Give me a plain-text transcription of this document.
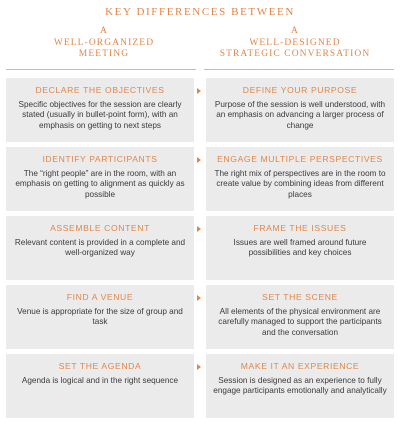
KEY DIFFERENCES BETWEEN
A
WELL-ORGANIZED
MEETING
A
WELL-DESIGNED
STRATEGIC CONVERSATION
DECLARE THE OBJECTIVES
Specific objectives for the session are clearly stated (usually in bullet-point form), with an emphasis on getting to next steps
DEFINE YOUR PURPOSE
Purpose of the session is well understood, with an emphasis on advancing a larger process of change
IDENTIFY PARTICIPANTS
The “right people” are in the room, with an emphasis on getting to alignment as quickly as possible
ENGAGE MULTIPLE PERSPECTIVES
The right mix of perspectives are in the room to create value by combining ideas from different places
ASSEMBLE CONTENT
Relevant content is provided in a complete and well-organized way
FRAME THE ISSUES
Issues are well framed around future possibilities and key choices
FIND A VENUE
Venue is appropriate for the size of group and task
SET THE SCENE
All elements of the physical environment are carefully managed to support the participants and the conversation
SET THE AGENDA
Agenda is logical and in the right sequence
MAKE IT AN EXPERIENCE
Session is designed as an experience to fully engage participants emotionally and analytically
